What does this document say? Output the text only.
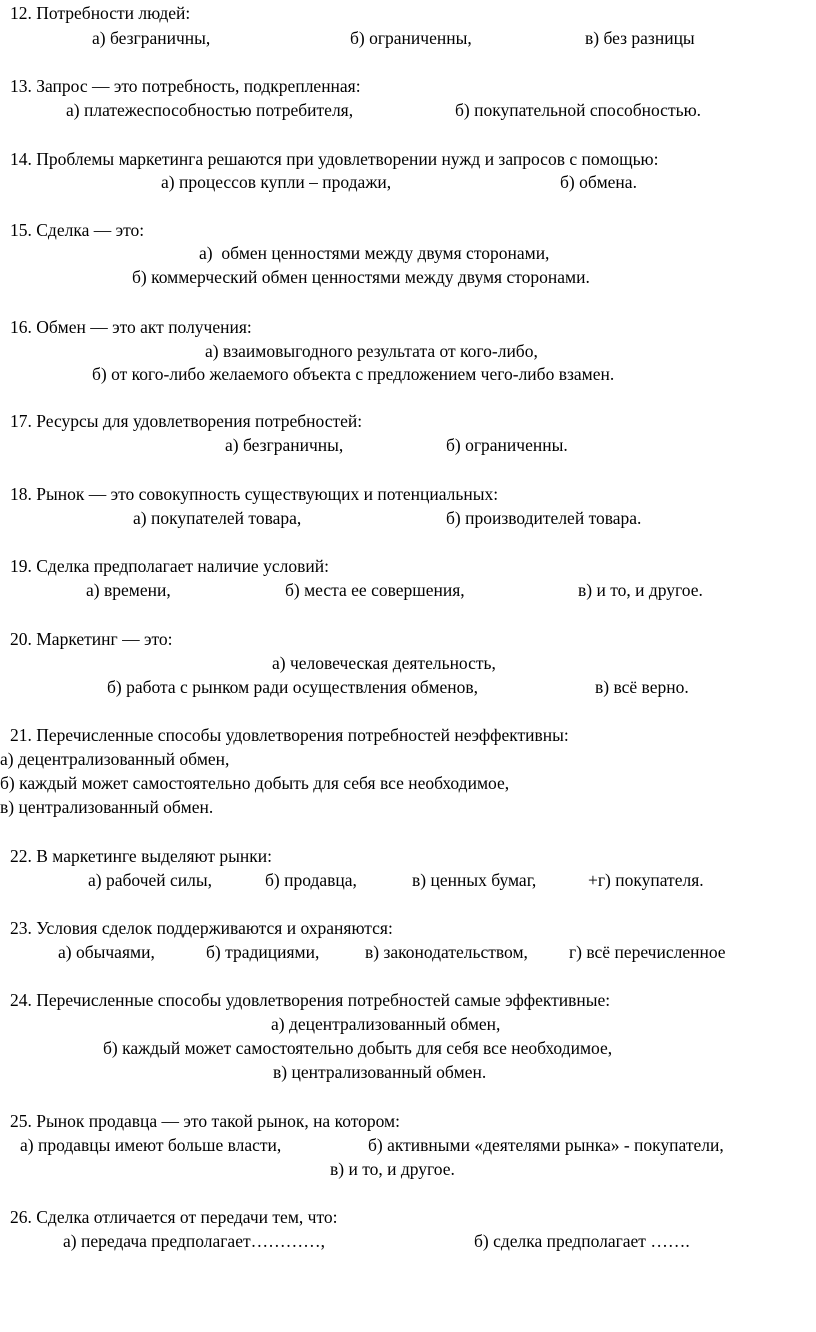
12. Потребности людей:

а) безграничны,

	б) ограниченны,

	в) без разницы

13. Запрос — это потребность, подкрепленная:

а) платежеспособностью потребителя,

	б) покупательной способностью.

14. Проблемы маркетинга решаются при удовлетворении нужд и запросов с помощью:

а) процессов купли – продажи,

	б) обмена.

15. Сделка — это:

а)  обмен ценностями между двумя сторонами,

б) коммерческий обмен ценностями между двумя сторонами.

16. Обмен — это акт получения:

а) взаимовыгодного результата от кого-либо,

б) от кого-либо желаемого объекта с предложением чего-либо взамен.

17. Ресурсы для удовлетворения потребностей:

а) безграничны,

	б) ограниченны.

18. Рынок — это совокупность существующих и потенциальных:

а) покупателей товара,

	б) производителей товара.

19. Сделка предполагает наличие условий:

а) времени,

	б) места ее совершения,

	в) и то, и другое.

20. Маркетинг — это:

а) человеческая деятельность,

б) работа с рынком ради осуществления обменов,

	в) всё верно.

21. Перечисленные способы удовлетворения потребностей неэффективны:

а) децентрализованный обмен,

б) каждый может самостоятельно добыть для себя все необходимое,

в) централизованный обмен.

22. В маркетинге выделяют рынки:

а) рабочей силы,

	б) продавца,

	в) ценных бумаг,

	+г) покупателя.

23. Условия сделок поддерживаются и охраняются:

а) обычаями,

	б) традициями,

	в) законодательством,

г) всё перечисленное

24. Перечисленные способы удовлетворения потребностей самые эффективные:

а) децентрализованный обмен,

б) каждый может самостоятельно добыть для себя все необходимое,

в) централизованный обмен.

25. Рынок продавца — это такой рынок, на котором:

а) продавцы имеют больше власти,

	б) активными «деятелями рынка» - покупатели,

в) и то, и другое.

26. Сделка отличается от передачи тем, что:

а) передача предполагает…………,

	б) сделка предполагает …….
